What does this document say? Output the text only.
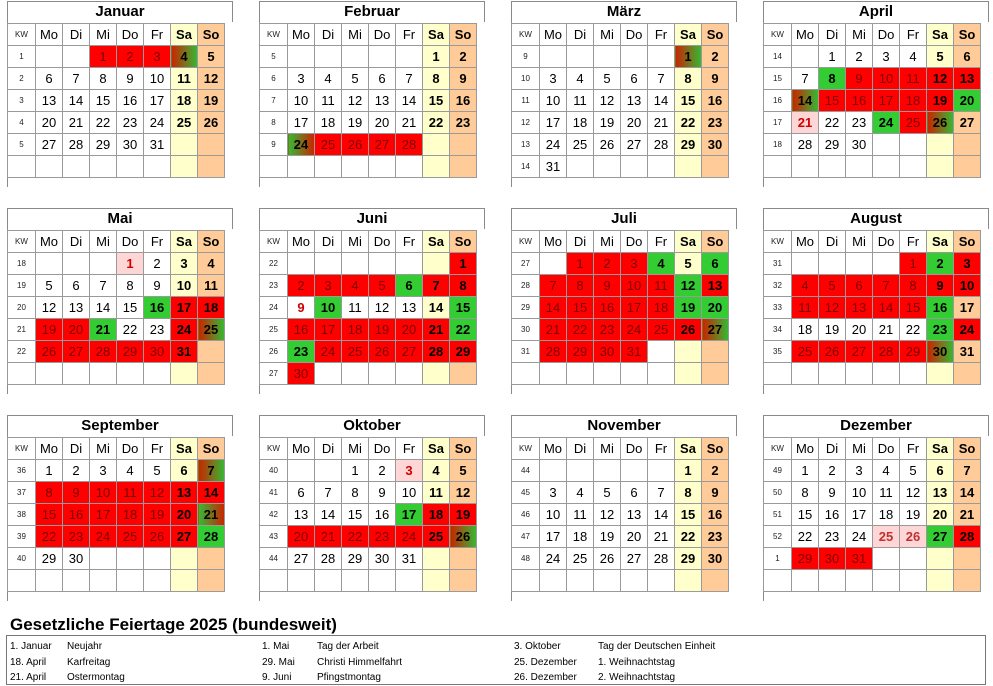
Januar
KW	Mo	Di	Mi	Do	Fr	Sa	So
1			1	2	3	4	5
2	6	7	8	9	10	11	12
3	13	14	15	16	17	18	19
4	20	21	22	23	24	25	26
5	27	28	29	30	31		

Februar
KW	Mo	Di	Mi	Do	Fr	Sa	So
5						1	2
6	3	4	5	6	7	8	9
7	10	11	12	13	14	15	16
8	17	18	19	20	21	22	23
9	24	25	26	27	28		

März
KW	Mo	Di	Mi	Do	Fr	Sa	So
9						1	2
10	3	4	5	6	7	8	9
11	10	11	12	13	14	15	16
12	17	18	19	20	21	22	23
13	24	25	26	27	28	29	30
14	31						
April
KW	Mo	Di	Mi	Do	Fr	Sa	So
14		1	2	3	4	5	6
15	7	8	9	10	11	12	13
16	14	15	16	17	18	19	20
17	21	22	23	24	25	26	27
18	28	29	30				

Mai
KW	Mo	Di	Mi	Do	Fr	Sa	So
18				1	2	3	4
19	5	6	7	8	9	10	11
20	12	13	14	15	16	17	18
21	19	20	21	22	23	24	25
22	26	27	28	29	30	31	

Juni
KW	Mo	Di	Mi	Do	Fr	Sa	So
22							1
23	2	3	4	5	6	7	8
24	9	10	11	12	13	14	15
25	16	17	18	19	20	21	22
26	23	24	25	26	27	28	29
27	30						
Juli
KW	Mo	Di	Mi	Do	Fr	Sa	So
27		1	2	3	4	5	6
28	7	8	9	10	11	12	13
29	14	15	16	17	18	19	20
30	21	22	23	24	25	26	27
31	28	29	30	31			

August
KW	Mo	Di	Mi	Do	Fr	Sa	So
31					1	2	3
32	4	5	6	7	8	9	10
33	11	12	13	14	15	16	17
34	18	19	20	21	22	23	24
35	25	26	27	28	29	30	31

September
KW	Mo	Di	Mi	Do	Fr	Sa	So
36	1	2	3	4	5	6	7
37	8	9	10	11	12	13	14
38	15	16	17	18	19	20	21
39	22	23	24	25	26	27	28
40	29	30					

Oktober
KW	Mo	Di	Mi	Do	Fr	Sa	So
40			1	2	3	4	5
41	6	7	8	9	10	11	12
42	13	14	15	16	17	18	19
43	20	21	22	23	24	25	26
44	27	28	29	30	31		

November
KW	Mo	Di	Mi	Do	Fr	Sa	So
44						1	2
45	3	4	5	6	7	8	9
46	10	11	12	13	14	15	16
47	17	18	19	20	21	22	23
48	24	25	26	27	28	29	30

Dezember
KW	Mo	Di	Mi	Do	Fr	Sa	So
49	1	2	3	4	5	6	7
50	8	9	10	11	12	13	14
51	15	16	17	18	19	20	21
52	22	23	24	25	26	27	28
1	29	30	31				

Gesetzliche Feiertage 2025 (bundesweit)
1. Januar Neujahr
18. April Karfreitag
21. April Ostermontag
1. Mai	Tag der Arbeit
29. Mai Christi Himmelfahrt
9. Juni	Pfingstmontag
3. Oktober	Tag der Deutschen Einheit
25. Dezember 1. Weihnachtstag
26. Dezember 2. Weihnachtstag
